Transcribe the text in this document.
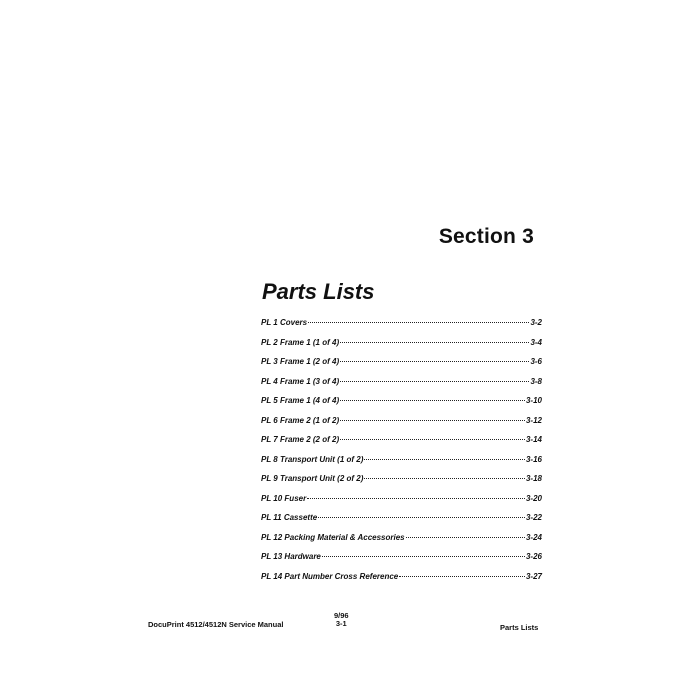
Section 3
Parts Lists
PL 1 Covers	3-2
PL 2 Frame 1 (1 of 4)	3-4
PL 3 Frame 1 (2 of 4)	3-6
PL 4 Frame 1 (3 of 4)	3-8
PL 5 Frame 1 (4 of 4)	3-10
PL 6 Frame 2 (1 of 2)	3-12
PL 7 Frame 2 (2 of 2)	3-14
PL 8 Transport Unit (1 of 2)	3-16
PL 9 Transport Unit (2 of 2)	3-18
PL 10 Fuser	3-20
PL 11 Cassette	3-22
PL 12 Packing Material & Accessories	3-24
PL 13 Hardware	3-26
PL 14 Part Number Cross Reference	3-27
DocuPrint 4512/4512N Service Manual
9/96
3-1	Parts Lists
